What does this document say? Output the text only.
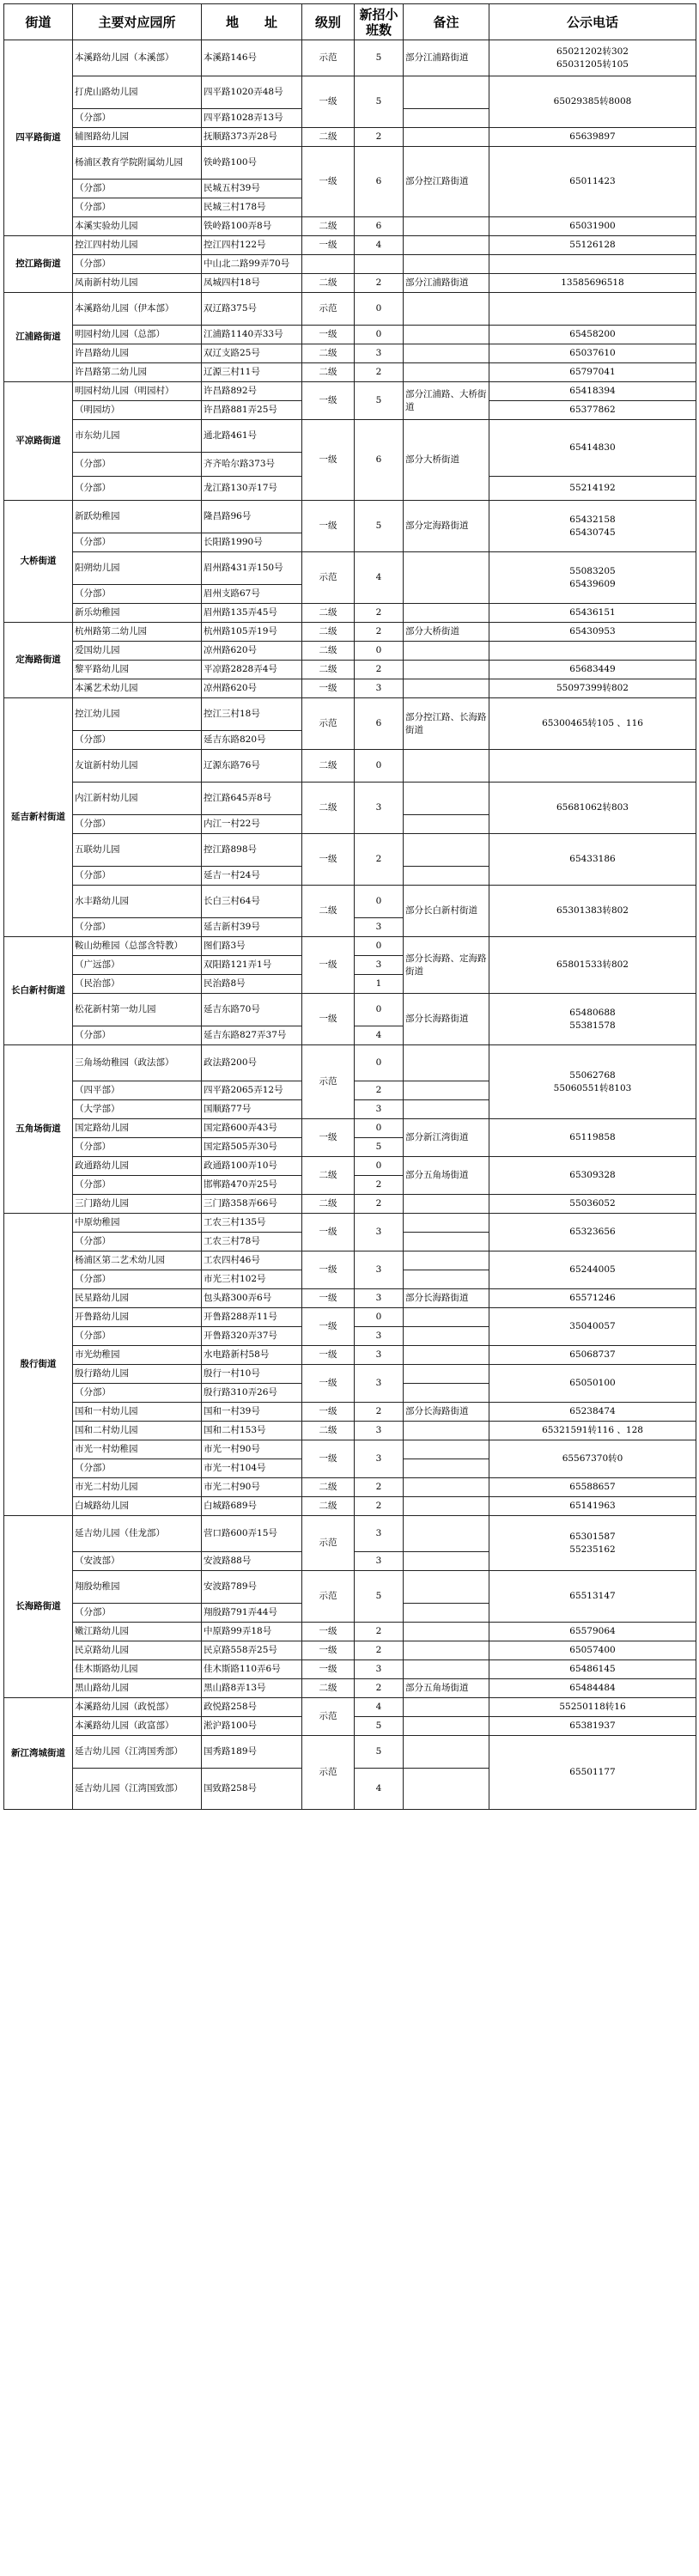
街道	主要对应园所	地　　址	级别	新招小班数	备注	公示电话
四平路街道	本溪路幼儿园（本溪部）	本溪路146号	示范	5	部分江浦路街道	65021202转302
65031205转105
	打虎山路幼儿园	四平路1020弄48号	一级	5		65029385转8008
	（分部）	四平路1028弄13号				
	辅图路幼儿园	抚顺路373弄28号	二级	2		65639897
	杨浦区教育学院附属幼儿园	铁岭路100号	一级	6	部分控江路街道	65011423
	（分部）	民城五村39号				
	（分部）	民城三村178号				
	本溪实验幼儿园	铁岭路100弄8号	二级	6		65031900
控江路街道	控江四村幼儿园	控江四村122号	一级	4		55126128
	（分部）	中山北二路99弄70号				
	凤南新村幼儿园	凤城四村18号	二级	2	部分江浦路街道	13585696518
江浦路街道	本溪路幼儿园（伊本部）	双辽路375号	示范	0		
	明园村幼儿园（总部）	江浦路1140弄33号	一级	0		65458200
	许昌路幼儿园	双辽支路25号	二级	3		65037610
	许昌路第二幼儿园	辽源三村11号	二级	2		65797041
平凉路街道	明园村幼儿园（明园村）	许昌路892号	一级	5	部分江浦路、大桥街道	65418394
	（明园坊）	许昌路881弄25号				65377862
	市东幼儿园	通北路461号	一级	6	部分大桥街道	65414830
	（分部）	齐齐哈尔路373号				
	（分部）	龙江路130弄17号				55214192
大桥街道	新跃幼稚园	隆昌路96号	一级	5	部分定海路街道	65432158
65430745
	（分部）	长阳路1990号				
	阳朔幼儿园	眉州路431弄150号	示范	4		55083205
65439609
	（分部）	眉州支路67号				
	新乐幼稚园	眉州路135弄45号	二级	2		65436151
定海路街道	杭州路第二幼儿园	杭州路105弄19号	二级	2	部分大桥街道	65430953
	爱国幼儿园	凉州路620号	二级	0		
	黎平路幼儿园	平凉路2828弄4号	二级	2		65683449
	本溪艺术幼儿园	凉州路620号	一级	3		55097399转802
延吉新村街道	控江幼儿园	控江三村18号	示范	6	部分控江路、长海路街道	65300465转105 、116
	（分部）	延吉东路820号				
	友谊新村幼儿园	辽源东路76号	二级	0		
	内江新村幼儿园	控江路645弄8号	二级	3		65681062转803
	（分部）	内江一村22号				
	五联幼儿园	控江路898号	一级	2		65433186
	（分部）	延吉一村24号				
	水丰路幼儿园	长白三村64号	二级	0	部分长白新村街道	65301383转802
	（分部）	延吉新村39号		3		
长白新村街道	鞍山幼稚园（总部含特教）	图们路3号	一级	0	部分长海路、定海路街道	65801533转802
	（广远部）	双阳路121弄1号		3		
	（民治部）	民治路8号		1		
	松花新村第一幼儿园	延吉东路70号	一级	0	部分长海路街道	65480688
55381578
	（分部）	延吉东路827弄37号		4		
五角场街道	三角场幼稚园（政法部）	政法路200号	示范	0		55062768
55060551转8103
	（四平部）	四平路2065弄12号		2		
	（大学部）	国顺路77号		3		
	国定路幼儿园	国定路600弄43号	一级	0	部分新江湾街道	65119858
	（分部）	国定路505弄30号		5		
	政通路幼儿园	政通路100弄10号	二级	0	部分五角场街道	65309328
	（分部）	邯郸路470弄25号		2		
	三门路幼儿园	三门路358弄66号	二级	2		55036052
殷行街道	中原幼稚园	工农三村135号	一级	3		65323656
	（分部）	工农三村78号				
	杨浦区第二艺术幼儿园	工农四村46号	一级	3		65244005
	（分部）	市光三村102号				
	民星路幼儿园	包头路300弄6号	一级	3	部分长海路街道	65571246
	开鲁路幼儿园	开鲁路288弄11号	一级	0		35040057
	（分部）	开鲁路320弄37号		3		
	市光幼稚园	水电路新村58号	一级	3		65068737
	殷行路幼儿园	殷行一村10号	一级	3		65050100
	（分部）	殷行路310弄26号				
	国和一村幼儿园	国和一村39号	一级	2	部分长海路街道	65238474
	国和二村幼儿园	国和二村153号	二级	3		65321591转116 、128
	市光一村幼稚园	市光一村90号	一级	3		65567370转0
	（分部）	市光一村104号				
	市光二村幼儿园	市光二村90号	二级	2		65588657
	白城路幼儿园	白城路689号	二级	2		65141963
长海路街道	延吉幼儿园（佳龙部）	营口路600弄15号	示范	3		65301587
55235162
	（安波部）	安波路88号		3		
	翔殷幼稚园	安波路789号	示范	5		65513147
	（分部）	翔殷路791弄44号				
	嫩江路幼儿园	中原路99弄18号	一级	2		65579064
	民京路幼儿园	民京路558弄25号	一级	2		65057400
	佳木斯路幼儿园	佳木斯路110弄6号	一级	3		65486145
	黑山路幼儿园	黑山路8弄13号	二级	2	部分五角场街道	65484484
新江湾城街道	本溪路幼儿园（政悦部）	政悦路258号	示范	4		55250118转16
	本溪路幼儿园（政富部）	淞沪路100号		5		65381937
	延吉幼儿园（江湾国秀部）	国秀路189号	示范	5		65501177
	延吉幼儿园（江湾国致部）	国致路258号		4		
